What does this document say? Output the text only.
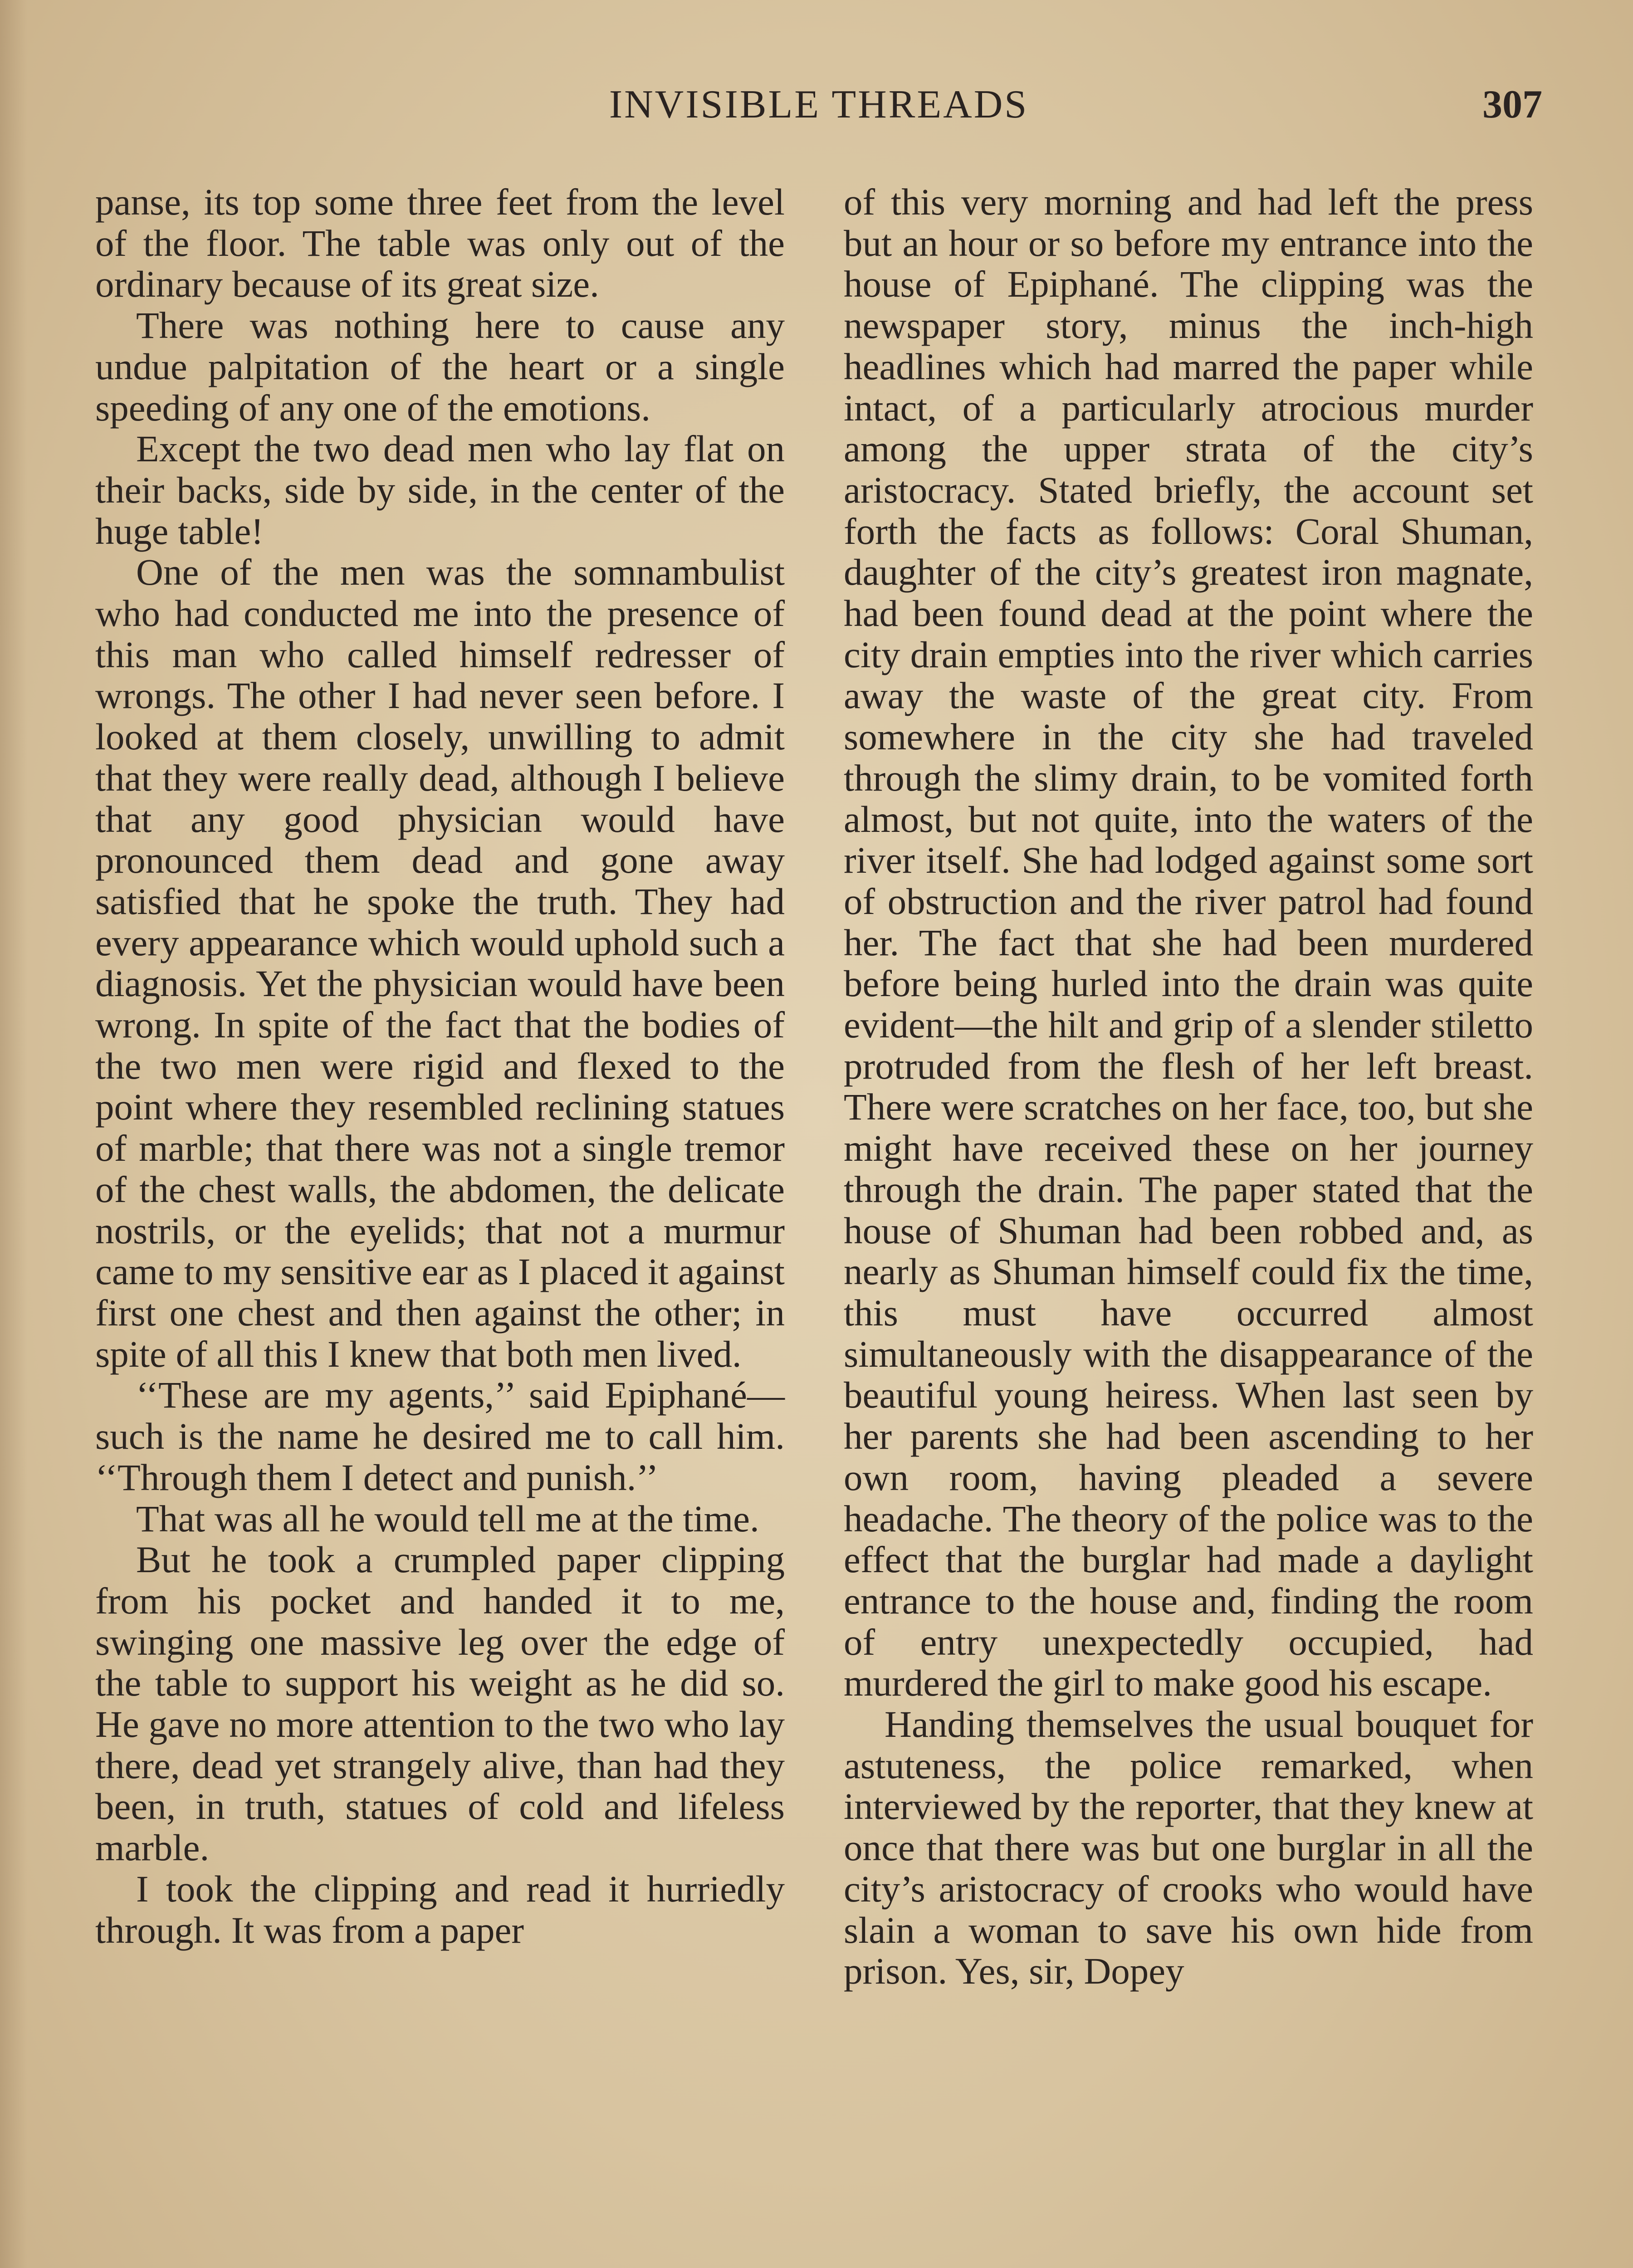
INVISIBLE THREADS	307

panse, its top some three feet from the level of the floor. The table was only out of the ordinary because of its great size.

There was nothing here to cause any undue palpitation of the heart or a single speeding of any one of the emotions.

Except the two dead men who lay flat on their backs, side by side, in the center of the huge table!

One of the men was the somnambulist who had conducted me into the presence of this man who called himself redresser of wrongs. The other I had never seen before. I looked at them closely, unwilling to admit that they were really dead, although I believe that any good physician would have pronounced them dead and gone away satisfied that he spoke the truth. They had every appearance which would uphold such a diagnosis. Yet the physician would have been wrong. In spite of the fact that the bodies of the two men were rigid and flexed to the point where they resembled reclining statues of marble; that there was not a single tremor of the chest walls, the abdomen, the delicate nostrils, or the eyelids; that not a murmur came to my sensitive ear as I placed it against first one chest and then against the other; in spite of all this I knew that both men lived.

‘‘These are my agents,’’ said Epiphané—such is the name he desired me to call him. ‘‘Through them I detect and punish.’’

That was all he would tell me at the time.

But he took a crumpled paper clipping from his pocket and handed it to me, swinging one massive leg over the edge of the table to support his weight as he did so. He gave no more attention to the two who lay there, dead yet strangely alive, than had they been, in truth, statues of cold and lifeless marble.

I took the clipping and read it hurriedly through. It was from a paper

of this very morning and had left the press but an hour or so before my entrance into the house of Epiphané. The clipping was the newspaper story, minus the inch-high headlines which had marred the paper while intact, of a particularly atrocious murder among the upper strata of the city’s aristocracy. Stated briefly, the account set forth the facts as follows: Coral Shuman, daughter of the city’s greatest iron magnate, had been found dead at the point where the city drain empties into the river which carries away the waste of the great city. From somewhere in the city she had traveled through the slimy drain, to be vomited forth almost, but not quite, into the waters of the river itself. She had lodged against some sort of obstruction and the river patrol had found her. The fact that she had been murdered before being hurled into the drain was quite evident—the hilt and grip of a slender stiletto protruded from the flesh of her left breast. There were scratches on her face, too, but she might have received these on her journey through the drain. The paper stated that the house of Shuman had been robbed and, as nearly as Shuman himself could fix the time, this must have occurred almost simultaneously with the disappearance of the beautiful young heiress. When last seen by her parents she had been ascending to her own room, having pleaded a severe headache. The theory of the police was to the effect that the burglar had made a daylight entrance to the house and, finding the room of entry unexpectedly occupied, had murdered the girl to make good his escape.

Handing themselves the usual bouquet for astuteness, the police remarked, when interviewed by the reporter, that they knew at once that there was but one burglar in all the city’s aristocracy of crooks who would have slain a woman to save his own hide from prison. Yes, sir, Dopey
